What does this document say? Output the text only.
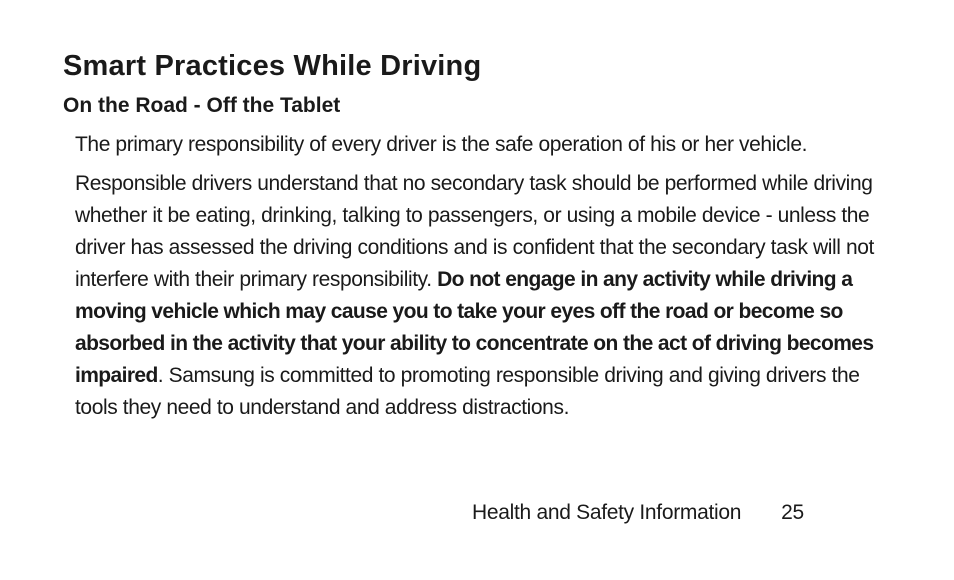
Smart Practices While Driving
On the Road - Off the Tablet

The primary responsibility of every driver is the safe operation of his or her vehicle.

Responsible drivers understand that no secondary task should be performed while driving whether it be eating, drinking, talking to passengers, or using a mobile device - unless the driver has assessed the driving conditions and is confident that the secondary task will not interfere with their primary responsibility. Do not engage in any activity while driving a moving vehicle which may cause you to take your eyes off the road or become so absorbed in the activity that your ability to concentrate on the act of driving becomes impaired. Samsung is committed to promoting responsible driving and giving drivers the tools they need to understand and address distractions.

Health and Safety Information 25
